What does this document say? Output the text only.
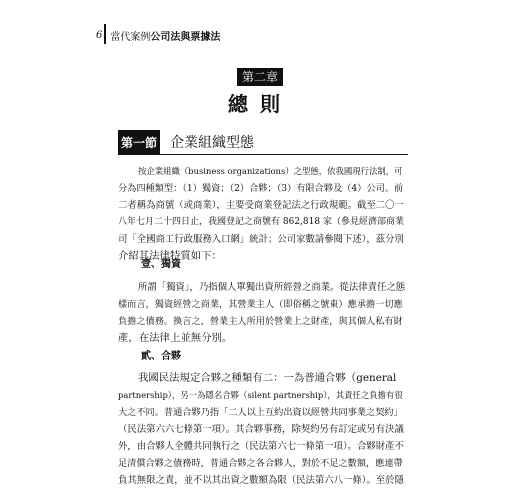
6 當代案例 公司法與票據法
第二章
總則
第一節 企業組織型態
按企業組織（business organizations）之型態，依我國現行法制，可
分為四種類型：（1）獨資；（2）合夥；（3）有限合夥及（4）公司。前
二者稱為商號（或商業），主要受商業登記法之行政規範。截至二〇一
八年七月二十四日止，我國登記之商號有 862,818 家（參見經濟部商業
司「全國商工行政服務入口網」統計；公司家數請參閱下述），茲分別
介紹其法律特質如下：
壹、獨資
所謂「獨資」，乃指個人單獨出資所經營之商業。從法律責任之態
樣而言，獨資經營之商業，其營業主人（即俗稱之號東）應承擔一切應
負擔之債務。換言之，營業主人所用於營業上之財產，與其個人私有財
產，在法律上並無分別。
貳、合夥
我國民法規定合夥之種類有二：一為普通合夥（general
partnership），另一為隱名合夥（silent partnership），其責任之負擔有很
大之不同。普通合夥乃指「二人以上互約出資以經營共同事業之契約」
（民法第六六七條第一項）。其合夥事務，除契約另有訂定或另有決議
外，由合夥人全體共同執行之（民法第六七一條第一項）。合夥財產不
足清償合夥之債務時，普通合夥之各合夥人，對於不足之數額，應連帶
負其無限之責，並不以其出資之數額為限（民法第六八一條）。至於隱
